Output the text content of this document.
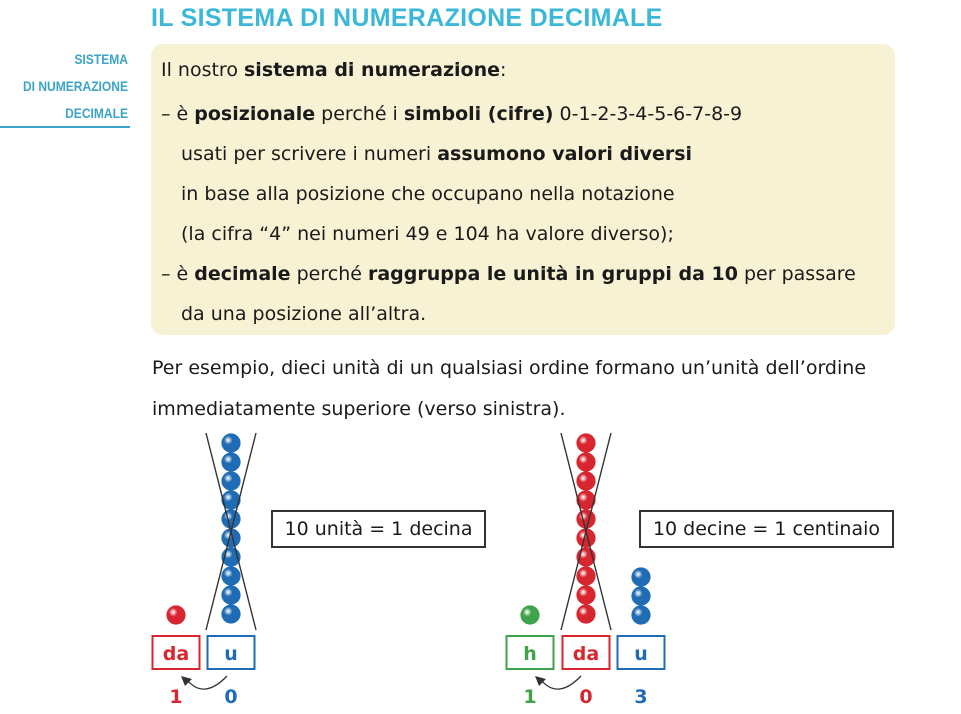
IL SISTEMA DI NUMERAZIONE DECIMALE
SISTEMA
DI NUMERAZIONE
DECIMALE
Il nostro sistema di numerazione:
– è posizionale perché i simboli (cifre) 0-1-2-3-4-5-6-7-8-9
usati per scrivere i numeri assumono valori diversi
in base alla posizione che occupano nella notazione
(la cifra “4” nei numeri 49 e 104 ha valore diverso);
– è decimale perché raggruppa le unità in gruppi da 10 per passare
da una posizione all’altra.
Per esempio, dieci unità di un qualsiasi ordine formano un’unità dell’ordine
immediatamente superiore (verso sinistra).
10 unità = 1 decina	10 decine = 1 centinaio
da
1
u
0
h
1
da
0
u
3
